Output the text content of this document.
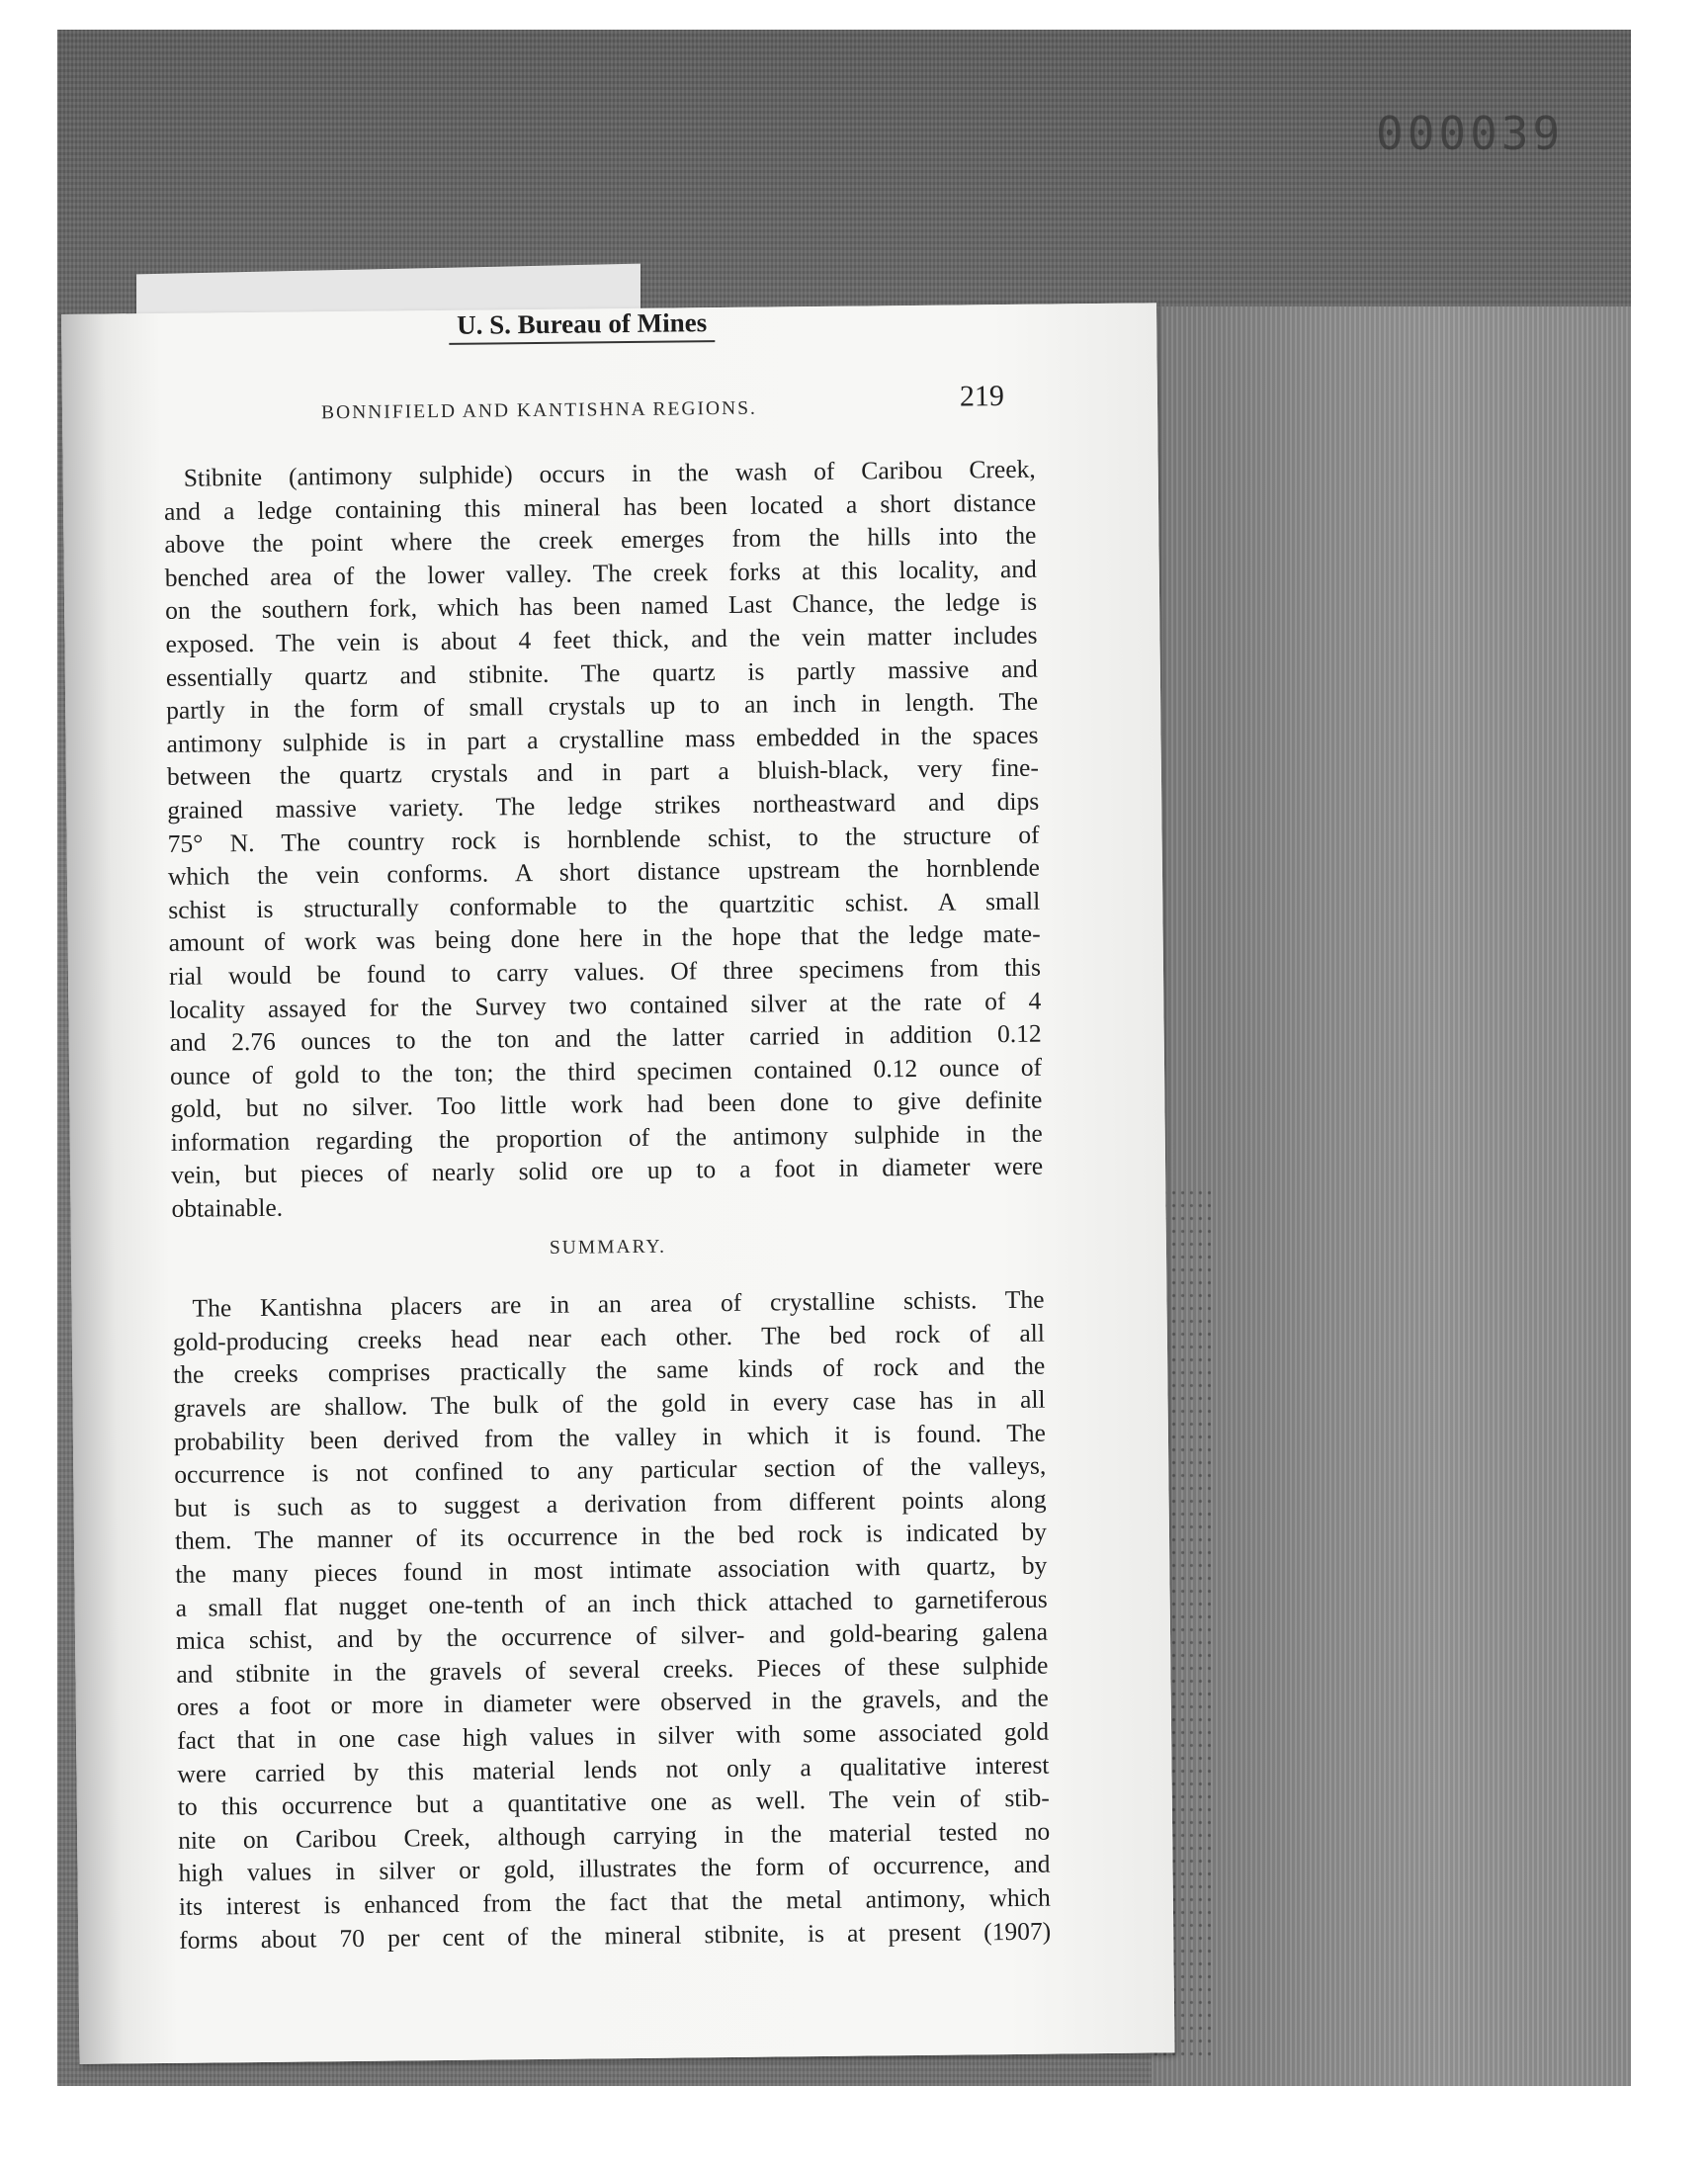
000039
U. S. Bureau of Mines
BONNIFIELD AND KANTISHNA REGIONS.	219

Stibnite (antimony sulphide) occurs in the wash of Caribou Creek,
and a ledge containing this mineral has been located a short distance
above the point where the creek emerges from the hills into the
benched area of the lower valley. The creek forks at this locality, and
on the southern fork, which has been named Last Chance, the ledge is
exposed. The vein is about 4 feet thick, and the vein matter includes
essentially quartz and stibnite. The quartz is partly massive and
partly in the form of small crystals up to an inch in length. The
antimony sulphide is in part a crystalline mass embedded in the spaces
between the quartz crystals and in part a bluish-black, very fine-
grained massive variety. The ledge strikes northeastward and dips
75° N. The country rock is hornblende schist, to the structure of
which the vein conforms. A short distance upstream the hornblende
schist is structurally conformable to the quartzitic schist. A small
amount of work was being done here in the hope that the ledge mate-
rial would be found to carry values. Of three specimens from this
locality assayed for the Survey two contained silver at the rate of 4
and 2.76 ounces to the ton and the latter carried in addition 0.12
ounce of gold to the ton; the third specimen contained 0.12 ounce of
gold, but no silver. Too little work had been done to give definite
information regarding the proportion of the antimony sulphide in the
vein, but pieces of nearly solid ore up to a foot in diameter were
obtainable.

SUMMARY.

The Kantishna placers are in an area of crystalline schists. The
gold-producing creeks head near each other. The bed rock of all
the creeks comprises practically the same kinds of rock and the
gravels are shallow. The bulk of the gold in every case has in all
probability been derived from the valley in which it is found. The
occurrence is not confined to any particular section of the valleys,
but is such as to suggest a derivation from different points along
them. The manner of its occurrence in the bed rock is indicated by
the many pieces found in most intimate association with quartz, by
a small flat nugget one-tenth of an inch thick attached to garnetiferous
mica schist, and by the occurrence of silver- and gold-bearing galena
and stibnite in the gravels of several creeks. Pieces of these sulphide
ores a foot or more in diameter were observed in the gravels, and the
fact that in one case high values in silver with some associated gold
were carried by this material lends not only a qualitative interest
to this occurrence but a quantitative one as well. The vein of stib-
nite on Caribou Creek, although carrying in the material tested no
high values in silver or gold, illustrates the form of occurrence, and
its interest is enhanced from the fact that the metal antimony, which
forms about 70 per cent of the mineral stibnite, is at present (1907)
